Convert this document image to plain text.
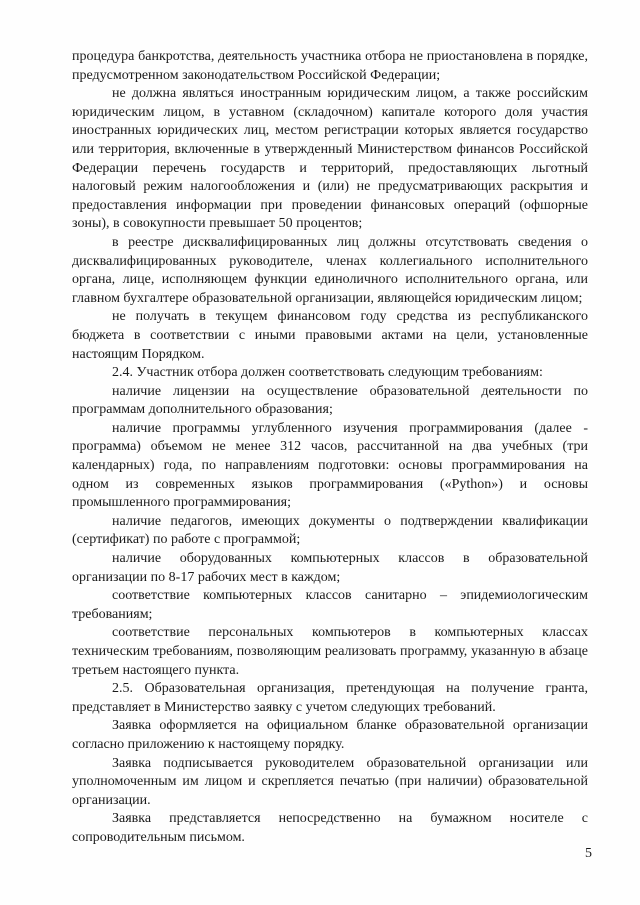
процедура банкротства, деятельность участника отбора не приостановлена в порядке, предусмотренном законодательством Российской Федерации;

не должна являться иностранным юридическим лицом, а также российским юридическим лицом, в уставном (складочном) капитале которого доля участия иностранных юридических лиц, местом регистрации которых является государство или территория, включенные в утвержденный Министерством финансов Российской Федерации перечень государств и территорий, предоставляющих льготный налоговый режим налогообложения и (или) не предусматривающих раскрытия и предоставления информации при проведении финансовых операций (офшорные зоны), в совокупности превышает 50 процентов;

в реестре дисквалифицированных лиц должны отсутствовать сведения о дисквалифицированных руководителе, членах коллегиального исполнительного органа, лице, исполняющем функции единоличного исполнительного органа, или главном бухгалтере образовательной организации, являющейся юридическим лицом;

не получать в текущем финансовом году средства из республиканского бюджета в соответствии с иными правовыми актами на цели, установленные настоящим Порядком.

2.4. Участник отбора должен соответствовать следующим требованиям:

наличие лицензии на осуществление образовательной деятельности по программам дополнительного образования;

наличие программы углубленного изучения программирования (далее - программа) объемом не менее 312 часов, рассчитанной на два учебных (три календарных) года, по направлениям подготовки: основы программирования на одном из современных языков программирования («Python») и основы промышленного программирования;

наличие педагогов, имеющих документы о подтверждении квалификации (сертификат) по работе с программой;

наличие оборудованных компьютерных классов в образовательной организации по 8-17 рабочих мест в каждом;

соответствие компьютерных классов санитарно – эпидемиологическим требованиям;

соответствие персональных компьютеров в компьютерных классах техническим требованиям, позволяющим реализовать программу, указанную в абзаце третьем настоящего пункта.

2.5. Образовательная организация, претендующая на получение гранта, представляет в Министерство заявку с учетом следующих требований.

Заявка оформляется на официальном бланке образовательной организации согласно приложению к настоящему порядку.

Заявка подписывается руководителем образовательной организации или уполномоченным им лицом и скрепляется печатью (при наличии) образовательной организации.

Заявка представляется непосредственно на бумажном носителе с сопроводительным письмом.

5
